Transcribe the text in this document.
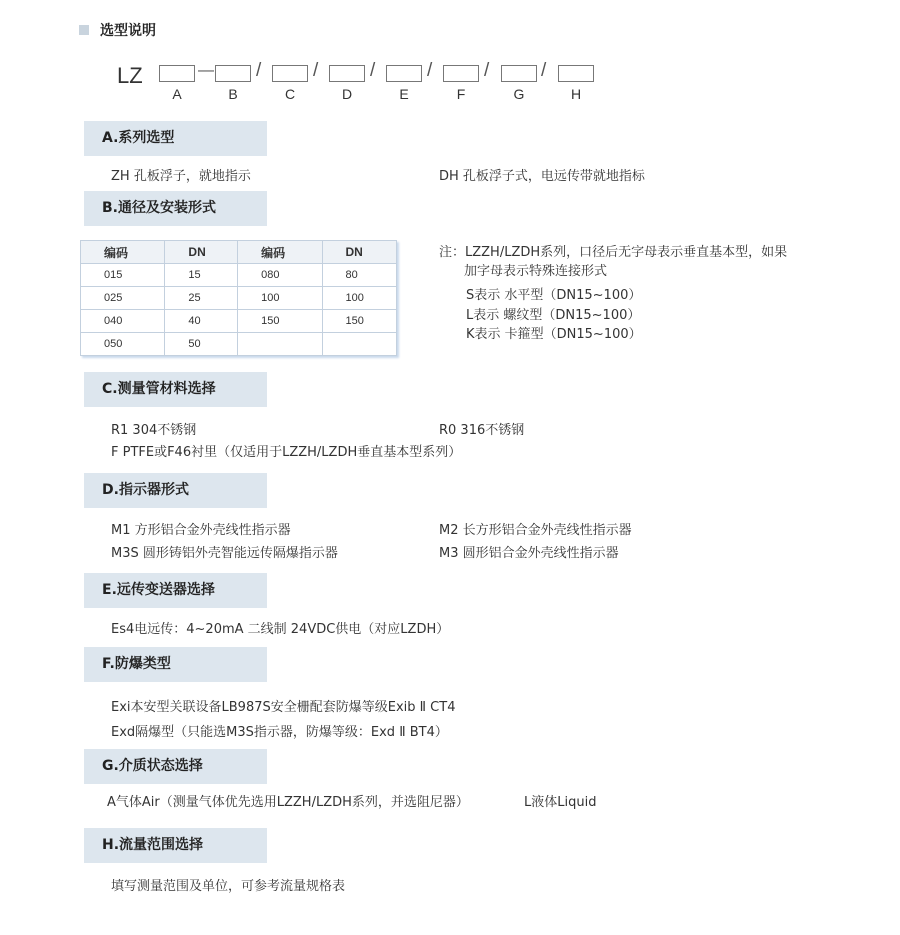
选型说明
LZ	— /	/	/	/	/	/
A	B	C	D	E	F	G	H
A.系列选型
ZH 孔板浮子，就地指示	DH 孔板浮子式，电远传带就地指标
B.通径及安装形式
编码	DN	编码	DN
015	15	080	80
025	25	100	100
040	40	150	150
050	50		
注：LZZH/LZDH系列，口径后无字母表示垂直基本型，如果
加字母表示特殊连接形式
S表示 水平型（DN15~100）
L表示 螺纹型（DN15~100）
K表示 卡箍型（DN15~100）
C.测量管材料选择
R1 304不锈钢	R0 316不锈钢
F PTFE或F46衬里（仅适用于LZZH/LZDH垂直基本型系列）
D.指示器形式
M1 方形铝合金外壳线性指示器	M2 长方形铝合金外壳线性指示器
M3S 圆形铸铝外壳智能远传隔爆指示器	M3 圆形铝合金外壳线性指示器
E.远传变送器选择
Es4电远传：4~20mA 二线制 24VDC供电（对应LZDH）
F.防爆类型
Exi本安型关联设备LB987S安全栅配套防爆等级Exib Ⅱ CT4
Exd隔爆型（只能选M3S指示器，防爆等级：Exd Ⅱ BT4）
G.介质状态选择
A气体Air（测量气体优先选用LZZH/LZDH系列，并选阻尼器）	L液体Liquid
H.流量范围选择
填写测量范围及单位，可参考流量规格表
